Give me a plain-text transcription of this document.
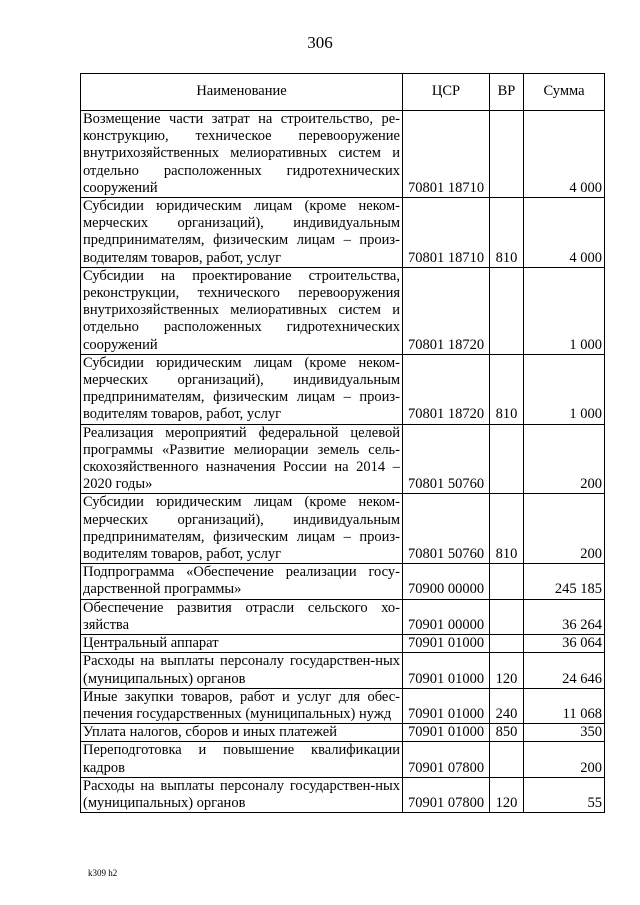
306
Наименование	ЦСР	ВР	Сумма
Возмещение части затрат на строительство, ре-конструкцию, техническое перевооружение внутрихозяйственных мелиоративных систем и отдельно расположенных гидротехнических сооружений	70801 18710		4 000
Субсидии юридическим лицам (кроме неком-мерческих организаций), индивидуальным предпринимателям, физическим лицам – произ-водителям товаров, работ, услуг	70801 18710	810	4 000
Субсидии на проектирование строительства, реконструкции, технического перевооружения внутрихозяйственных мелиоративных систем и отдельно расположенных гидротехнических сооружений	70801 18720		1 000
Субсидии юридическим лицам (кроме неком-мерческих организаций), индивидуальным предпринимателям, физическим лицам – произ-водителям товаров, работ, услуг	70801 18720	810	1 000
Реализация мероприятий федеральной целевой программы «Развитие мелиорации земель сель-скохозяйственного назначения России на 2014 – 2020 годы»	70801 50760		200
Субсидии юридическим лицам (кроме неком-мерческих организаций), индивидуальным предпринимателям, физическим лицам – произ-водителям товаров, работ, услуг	70801 50760	810	200
Подпрограмма «Обеспечение реализации госу-дарственной программы»	70900 00000		245 185
Обеспечение развития отрасли сельского хо-зяйства	70901 00000		36 264
Центральный аппарат	70901 01000		36 064
Расходы на выплаты персоналу государствен-ных (муниципальных) органов	70901 01000	120	24 646
Иные закупки товаров, работ и услуг для обес-печения государственных (муниципальных) нужд	70901 01000	240	11 068
Уплата налогов, сборов и иных платежей	70901 01000	850	350
Переподготовка и повышение квалификации кадров	70901 07800		200
Расходы на выплаты персоналу государствен-ных (муниципальных) органов	70901 07800	120	55
k309 h2
